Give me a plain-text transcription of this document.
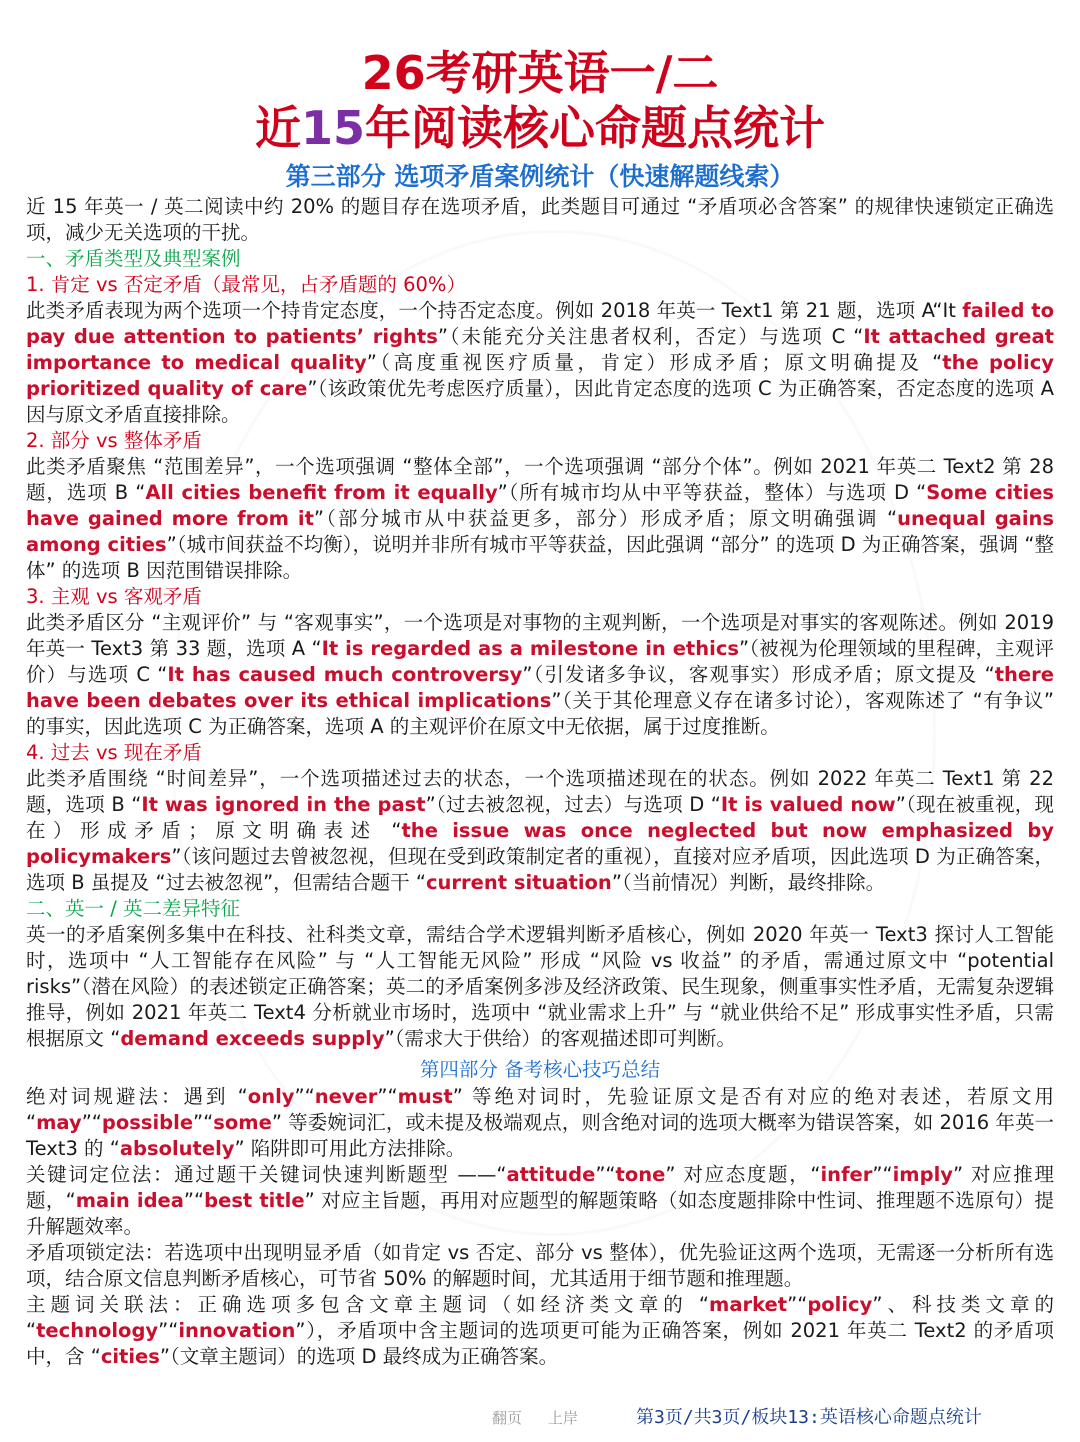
26考研英语一/二
近15年阅读核心命题点统计
第三部分 选项矛盾案例统计（快速解题线索）

近 15 年英一 / 英二阅读中约 20% 的题目存在选项矛盾，此类题目可通过 “矛盾项必含答案” 的规律快速锁定正确选项，减少无关选项的干扰。

一、矛盾类型及典型案例
1. 肯定 vs 否定矛盾（最常见，占矛盾题的 60%）

此类矛盾表现为两个选项一个持肯定态度，一个持否定态度。例如 2018 年英一 Text1 第 21 题，选项 A“It failed to pay due attention to patients’ rights”（未能充分关注患者权利，否定）与选项 C “It attached great importance to medical quality”（高度重视医疗质量，肯定）形成矛盾；原文明确提及 “the policy prioritized quality of care”（该政策优先考虑医疗质量），因此肯定态度的选项 C 为正确答案，否定态度的选项 A 因与原文矛盾直接排除。

2. 部分 vs 整体矛盾

此类矛盾聚焦 “范围差异”，一个选项强调 “整体全部”，一个选项强调 “部分个体”。例如 2021 年英二 Text2 第 28 题，选项 B “All cities benefit from it equally”（所有城市均从中平等获益，整体）与选项 D “Some cities have gained more from it”（部分城市从中获益更多，部分）形成矛盾；原文明确强调 “unequal gains among cities”（城市间获益不均衡），说明并非所有城市平等获益，因此强调 “部分” 的选项 D 为正确答案，强调 “整体” 的选项 B 因范围错误排除。

3. 主观 vs 客观矛盾

此类矛盾区分 “主观评价” 与 “客观事实”，一个选项是对事物的主观判断，一个选项是对事实的客观陈述。例如 2019 年英一 Text3 第 33 题，选项 A “It is regarded as a milestone in ethics”（被视为伦理领域的里程碑，主观评价）与选项 C “It has caused much controversy”（引发诸多争议，客观事实）形成矛盾；原文提及 “there have been debates over its ethical implications”（关于其伦理意义存在诸多讨论），客观陈述了 “有争议” 的事实，因此选项 C 为正确答案，选项 A 的主观评价在原文中无依据，属于过度推断。

4. 过去 vs 现在矛盾

此类矛盾围绕 “时间差异”，一个选项描述过去的状态，一个选项描述现在的状态。例如 2022 年英二 Text1 第 22 题，选项 B “It was ignored in the past”（过去被忽视，过去）与选项 D “It is valued now”（现在被重视，现在）形成矛盾；原文明确表述 “the issue was once neglected but now emphasized by policymakers”（该问题过去曾被忽视，但现在受到政策制定者的重视），直接对应矛盾项，因此选项 D 为正确答案，选项 B 虽提及 “过去被忽视”，但需结合题干 “current situation”（当前情况）判断，最终排除。

二、英一 / 英二差异特征

英一的矛盾案例多集中在科技、社科类文章，需结合学术逻辑判断矛盾核心，例如 2020 年英一 Text3 探讨人工智能时，选项中 “人工智能存在风险” 与 “人工智能无风险” 形成 “风险 vs 收益” 的矛盾，需通过原文中 “potential risks”（潜在风险）的表述锁定正确答案；英二的矛盾案例多涉及经济政策、民生现象，侧重事实性矛盾，无需复杂逻辑推导，例如 2021 年英二 Text4 分析就业市场时，选项中 “就业需求上升” 与 “就业供给不足” 形成事实性矛盾，只需根据原文 “demand exceeds supply”（需求大于供给）的客观描述即可判断。

第四部分 备考核心技巧总结

绝对词规避法：遇到 “only”“never”“must” 等绝对词时，先验证原文是否有对应的绝对表述，若原文用 “may”“possible”“some” 等委婉词汇，或未提及极端观点，则含绝对词的选项大概率为错误答案，如 2016 年英一 Text3 的 “absolutely” 陷阱即可用此方法排除。

关键词定位法：通过题干关键词快速判断题型 ——“attitude”“tone” 对应态度题，“infer”“imply” 对应推理题，“main idea”“best title” 对应主旨题，再用对应题型的解题策略（如态度题排除中性词、推理题不选原句）提升解题效率。

矛盾项锁定法：若选项中出现明显矛盾（如肯定 vs 否定、部分 vs 整体），优先验证这两个选项，无需逐一分析所有选项，结合原文信息判断矛盾核心，可节省 50% 的解题时间，尤其适用于细节题和推理题。

主题词关联法：正确选项多包含文章主题词（如经济类文章的 “market”“policy”、科技类文章的 “technology”“innovation”），矛盾项中含主题词的选项更可能为正确答案，例如 2021 年英二 Text2 的矛盾项中，含 “cities”（文章主题词）的选项 D 最终成为正确答案。

翻页 上岸	第3页/共3页/板块13:英语核心命题点统计
